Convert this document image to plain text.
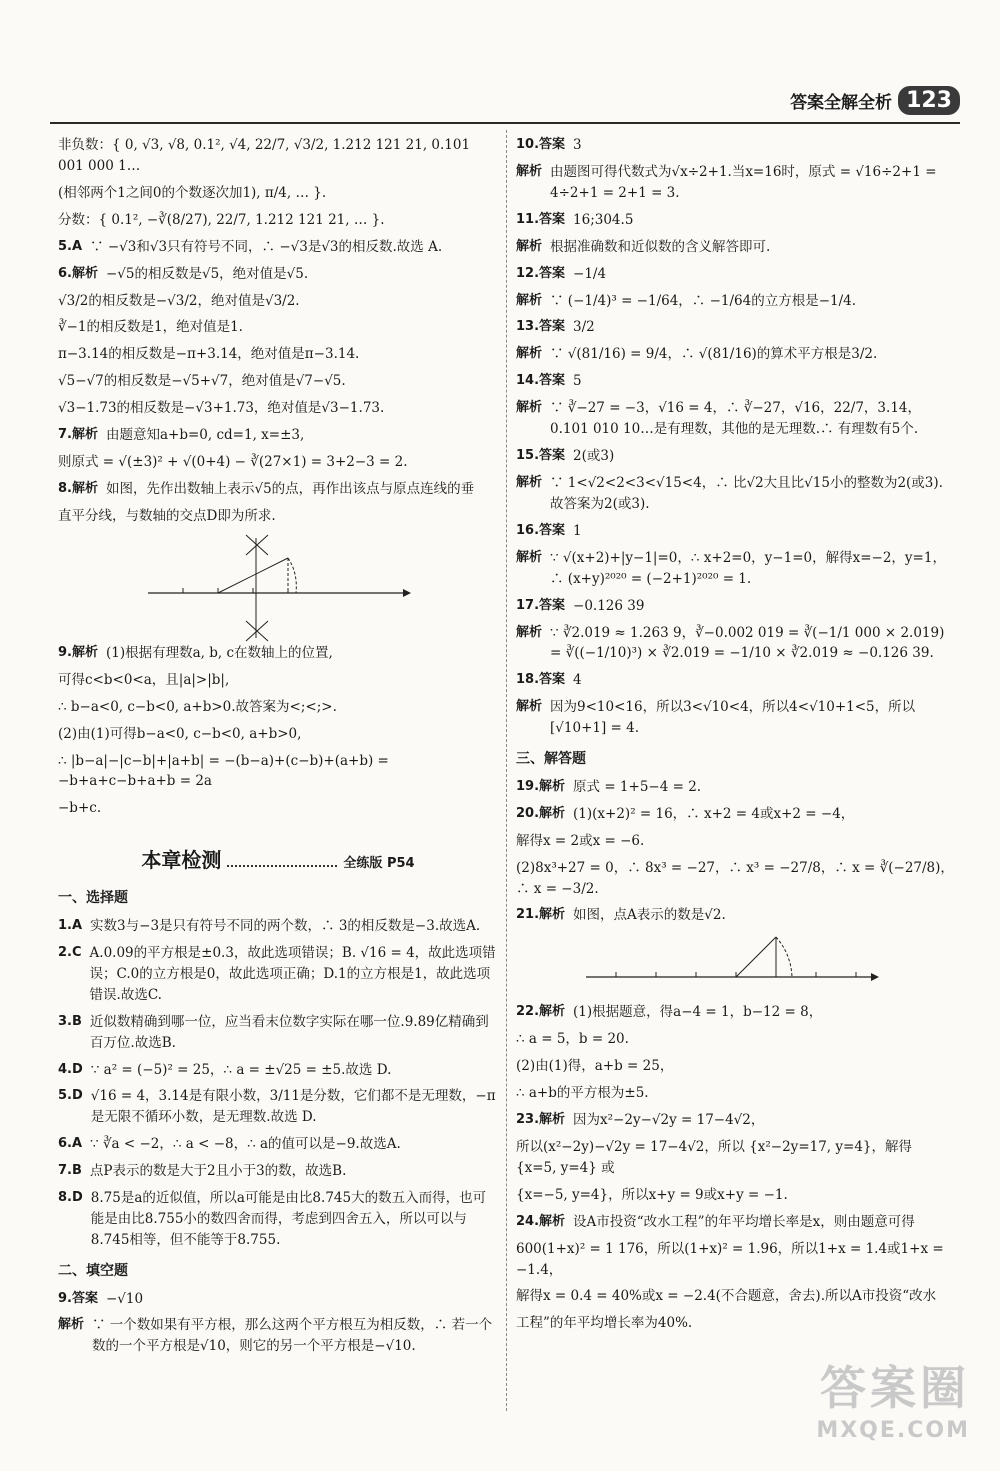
答案全解全析 123
非负数：{ 0, √3, √8, 0.1², √4, 22/7, √3/2, 1.212 121 21, 0.101 001 000 1…
(相邻两个1之间0的个数逐次加1), π/4, … }.
分数：{ 0.1², −∛(8/27), 22/7, 1.212 121 21, … }.
5.A ∵ −√3和√3只有符号不同，∴ −√3是√3的相反数.故选 A.
6.解析 −√5的相反数是√5，绝对值是√5.
√3/2的相反数是−√3/2，绝对值是√3/2.
∛−1的相反数是1，绝对值是1.
π−3.14的相反数是−π+3.14，绝对值是π−3.14.
√5−√7的相反数是−√5+√7，绝对值是√7−√5.
√3−1.73的相反数是−√3+1.73，绝对值是√3−1.73.
7.解析 由题意知a+b=0, cd=1, x=±3,
则原式 = √(±3)² + √(0+4) − ∛(27×1) = 3+2−3 = 2.
8.解析 如图，先作出数轴上表示√5的点，再作出该点与原点连线的垂
直平分线，与数轴的交点D即为所求.
9.解析 (1)根据有理数a, b, c在数轴上的位置,
可得c<b<0<a，且|a|>|b|,
∴ b−a<0, c−b<0, a+b>0.故答案为<;<;>.
(2)由(1)可得b−a<0, c−b<0, a+b>0,
∴ |b−a|−|c−b|+|a+b| = −(b−a)+(c−b)+(a+b) = −b+a+c−b+a+b = 2a
−b+c.
本章检测	全练版 P54
一、选择题
1.A 实数3与−3是只有符号不同的两个数，∴ 3的相反数是−3.故选A.
2.C A.0.09的平方根是±0.3，故此选项错误；B. √16 = 4，故此选项错误；C.0的立方根是0，故此选项正确；D.1的立方根是1，故此选项错误.故选C.
3.B 近似数精确到哪一位，应当看末位数字实际在哪一位.9.89亿精确到百万位.故选B.
4.D ∵ a² = (−5)² = 25，∴ a = ±√25 = ±5.故选 D.
5.D √16 = 4，3.14是有限小数，3/11是分数，它们都不是无理数，−π是无限不循环小数，是无理数.故选 D.
6.A ∵ ∛a < −2，∴ a < −8，∴ a的值可以是−9.故选A.
7.B 点P表示的数是大于2且小于3的数，故选B.
8.D 8.75是a的近似值，所以a可能是由比8.745大的数五入而得，也可能是由比8.755小的数四舍而得，考虑到四舍五入，所以可以与8.745相等，但不能等于8.755.
二、填空题
9.答案 −√10
解析 ∵ 一个数如果有平方根，那么这两个平方根互为相反数，∴ 若一个数的一个平方根是√10，则它的另一个平方根是−√10.
10.答案 3
解析 由题图可得代数式为√x÷2+1.当x=16时，原式 = √16÷2+1 = 4÷2+1 = 2+1 = 3.
11.答案 16;304.5
解析 根据准确数和近似数的含义解答即可.
12.答案 −1/4
解析 ∵ (−1/4)³ = −1/64，∴ −1/64的立方根是−1/4.
13.答案 3/2
解析 ∵ √(81/16) = 9/4，∴ √(81/16)的算术平方根是3/2.
14.答案 5
解析 ∵ ∛−27 = −3，√16 = 4，∴ ∛−27，√16，22/7，3.14，0.101 010 10…是有理数，其他的是无理数.∴ 有理数有5个.
15.答案 2(或3)
解析 ∵ 1<√2<2<3<√15<4，∴ 比√2大且比√15小的整数为2(或3).故答案为2(或3).
16.答案 1
解析 ∵ √(x+2)+|y−1|=0，∴ x+2=0，y−1=0，解得x=−2，y=1，∴ (x+y)²⁰²⁰ = (−2+1)²⁰²⁰ = 1.
17.答案 −0.126 39
解析 ∵ ∛2.019 ≈ 1.263 9，∛−0.002 019 = ∛(−1/1 000 × 2.019) = ∛((−1/10)³) × ∛2.019 = −1/10 × ∛2.019 ≈ −0.126 39.
18.答案 4
解析 因为9<10<16，所以3<√10<4，所以4<√10+1<5，所以[√10+1] = 4.
三、解答题
19.解析 原式 = 1+5−4 = 2.
20.解析 (1)(x+2)² = 16，∴ x+2 = 4或x+2 = −4，
解得x = 2或x = −6.
(2)8x³+27 = 0，∴ 8x³ = −27，∴ x³ = −27/8，∴ x = ∛(−27/8)，∴ x = −3/2.
21.解析 如图，点A表示的数是√2.
22.解析 (1)根据题意，得a−4 = 1，b−12 = 8，
∴ a = 5，b = 20.
(2)由(1)得，a+b = 25，
∴ a+b的平方根为±5.
23.解析 因为x²−2y−√2y = 17−4√2，
所以(x²−2y)−√2y = 17−4√2，所以 {x²−2y=17, y=4}，解得 {x=5, y=4} 或
{x=−5, y=4}，所以x+y = 9或x+y = −1.
24.解析 设A市投资“改水工程”的年平均增长率是x，则由题意可得
600(1+x)² = 1 176，所以(1+x)² = 1.96，所以1+x = 1.4或1+x = −1.4，
解得x = 0.4 = 40%或x = −2.4(不合题意，舍去).所以A市投资“改水
工程”的年平均增长率为40%.
答案圈
MXQE.COM
